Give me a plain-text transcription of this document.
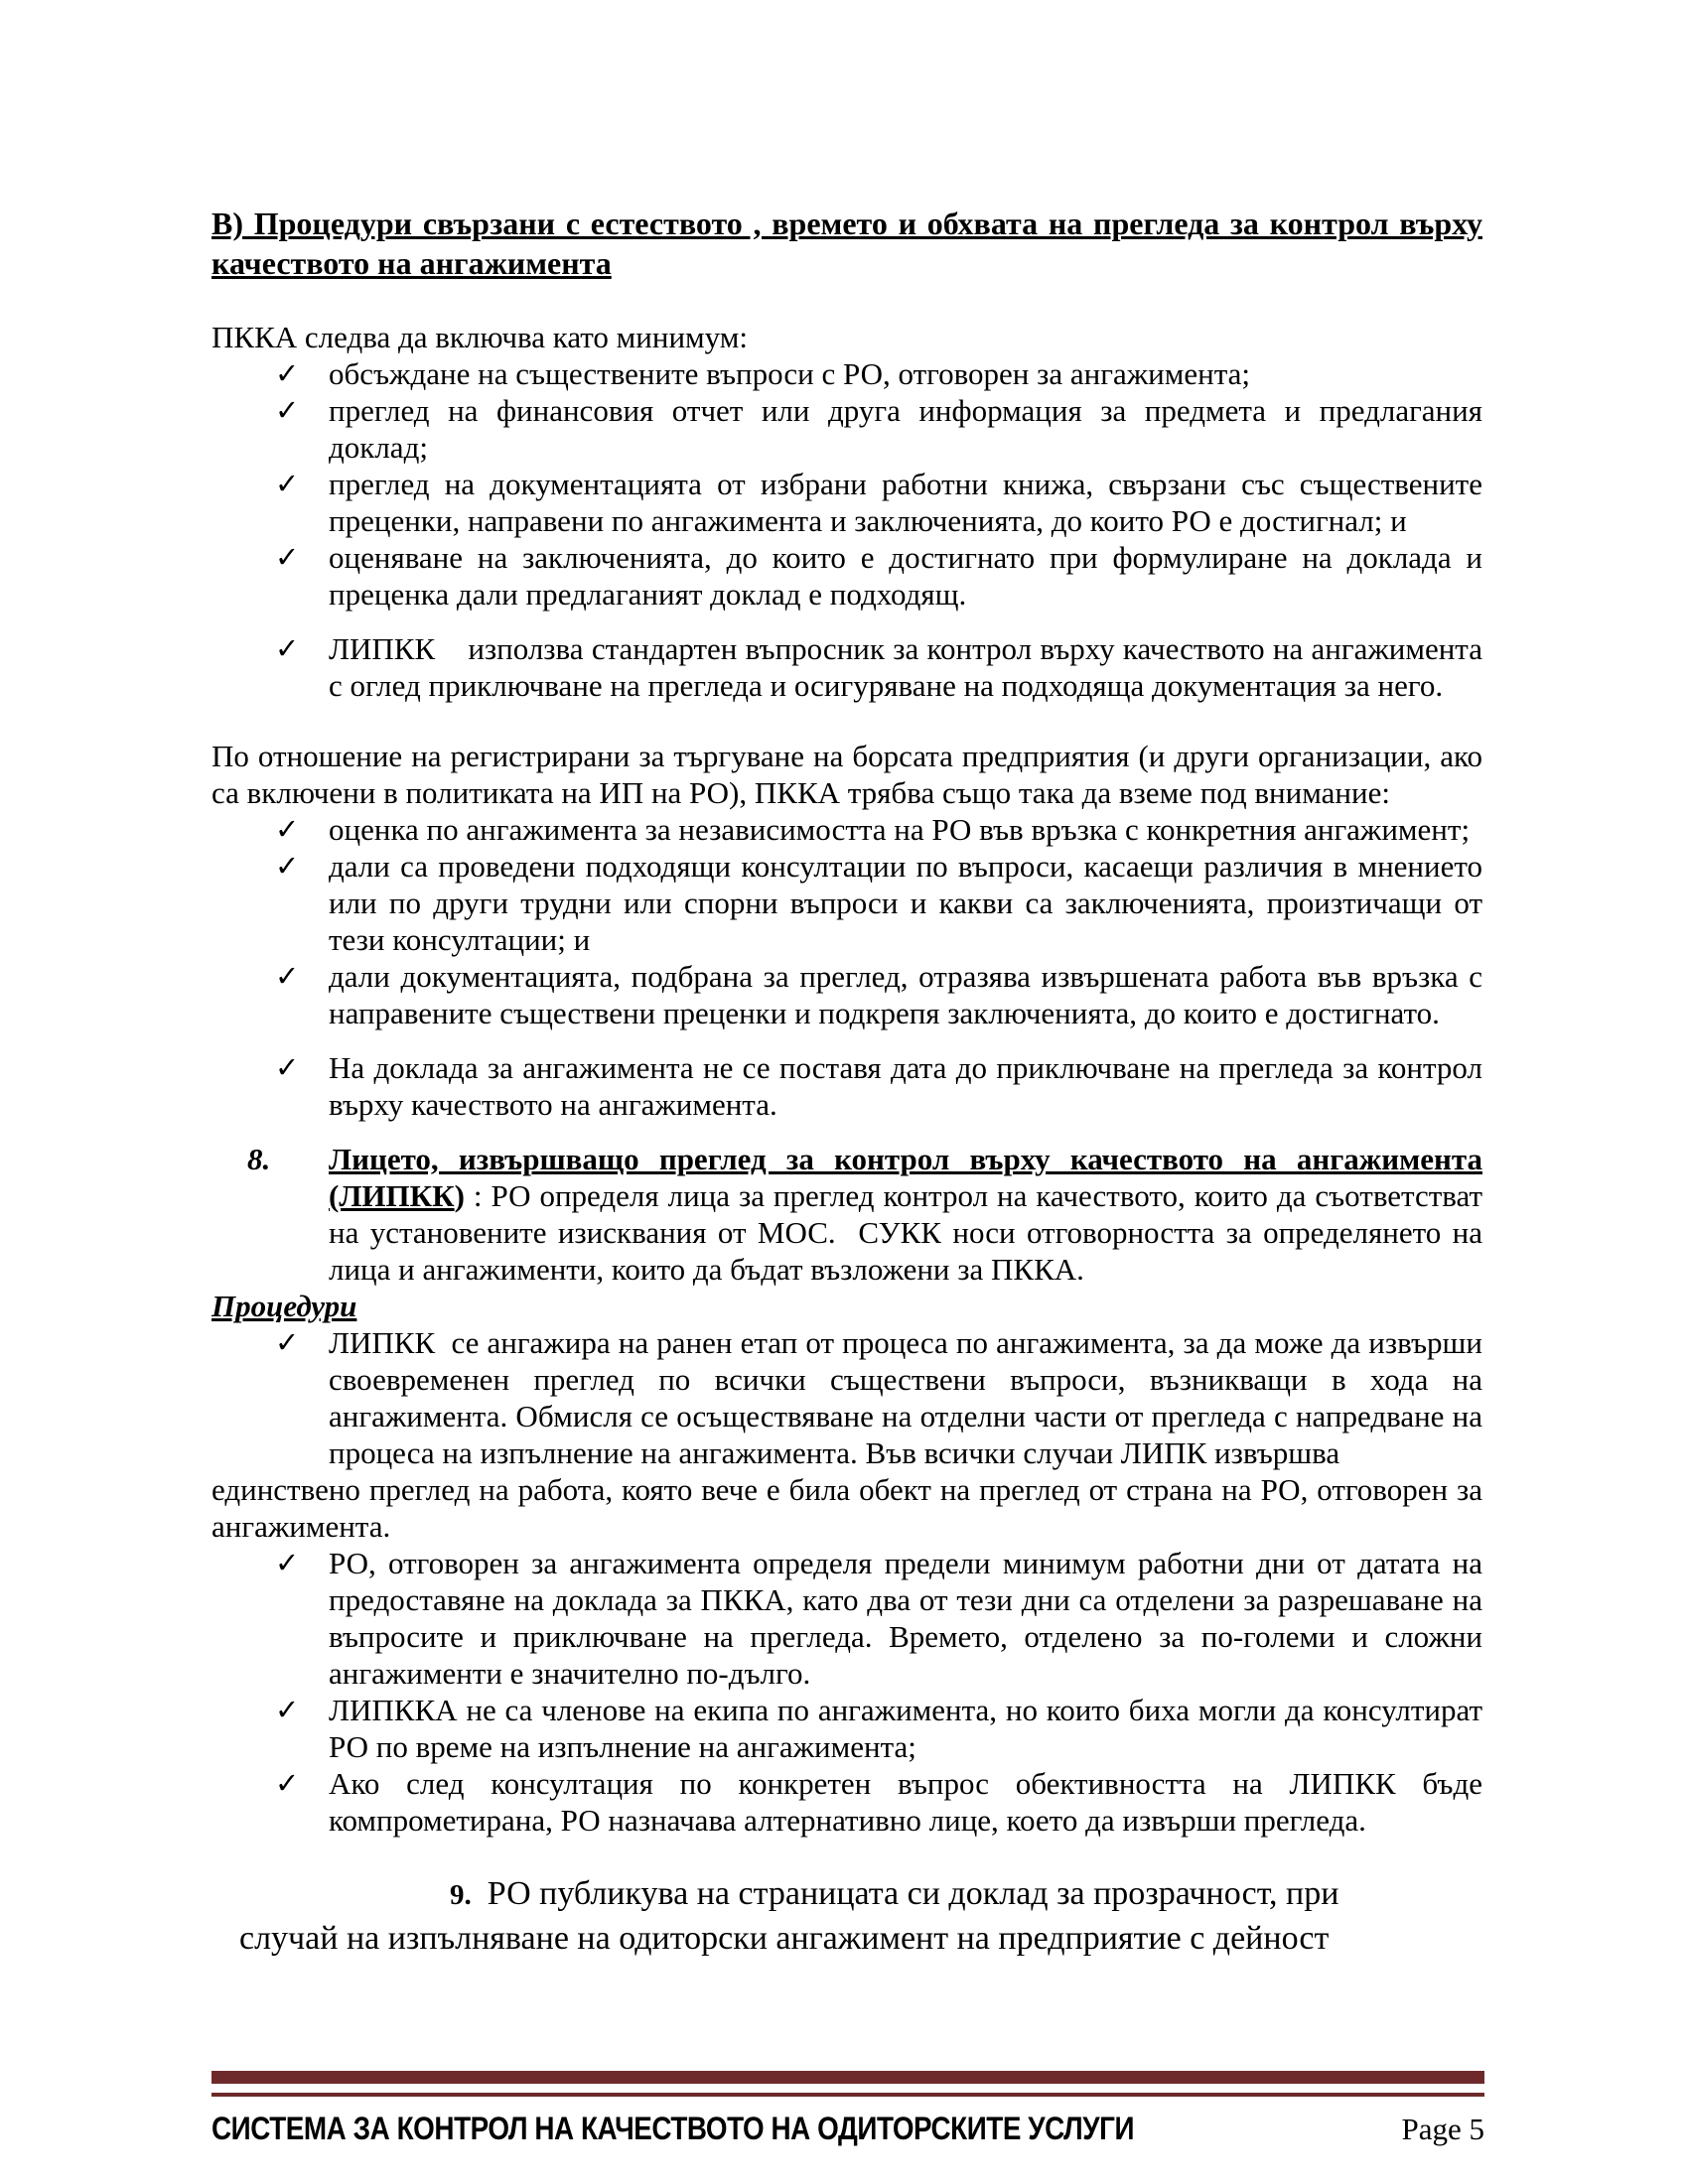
В) Процедури свързани с естеството , времето и обхвата на прегледа за контрол върху качеството на ангажимента

ПККА следва да включва като минимум:

✓ обсъждане на съществените въпроси с РО, отговорен за ангажимента;
✓ преглед на финансовия отчет или друга информация за предмета и предлагания доклад;
✓ преглед на документацията от избрани работни книжа, свързани със съществените преценки, направени по ангажимента и заключенията, до които РО е достигнал; и
✓ оценяване на заключенията, до които е достигнато при формулиране на доклада и преценка дали предлаганият доклад е подходящ.
✓ ЛИПКК    използва стандартен въпросник за контрол върху качеството на ангажимента с оглед приключване на прегледа и осигуряване на подходяща документация за него.

По отношение на регистрирани за търгуване на борсата предприятия (и други организации, ако са включени в политиката на ИП на РО), ПККА трябва също така да вземе под внимание:

✓ оценка по ангажимента за независимостта на РО във връзка с конкретния ангажимент;
✓ дали са проведени подходящи консултации по въпроси, касаещи различия в мнението или по други трудни или спорни въпроси и какви са заключенията, произтичащи от тези консултации; и
✓ дали документацията, подбрана за преглед, отразява извършената работа във връзка с направените съществени преценки и подкрепя заключенията, до които е достигнато.
✓ На доклада за ангажимента не се поставя дата до приключване на прегледа за контрол върху качеството на ангажимента.

8. Лицето, извършващо преглед за контрол върху качеството на ангажимента (ЛИПКК) : РО определя лица за преглед контрол на качеството, които да съответстват на установените изисквания от МОС.  СУКК носи отговорността за определянето на лица и ангажименти, които да бъдат възложени за ПККА.

Процедури

✓ ЛИПКК  се ангажира на ранен етап от процеса по ангажимента, за да може да извърши своевременен преглед по всички съществени въпроси, възникващи в хода на ангажимента. Обмисля се осъществяване на отделни части от прегледа с напредване на процеса на изпълнение на ангажимента. Във всички случаи ЛИПК извършва

единствено преглед на работа, която вече е била обект на преглед от страна на РО, отговорен за ангажимента.

✓ РО, отговорен за ангажимента определя предели минимум работни дни от датата на предоставяне на доклада за ПККА, като два от тези дни са отделени за разрешаване на въпросите и приключване на прегледа. Времето, отделено за по-големи и сложни ангажименти е значително по-дълго.
✓ ЛИПККА не са членове на екипа по ангажимента, но които биха могли да консултират РО по време на изпълнение на ангажимента;
✓ Ако след консултация по конкретен въпрос обективността на ЛИПКК бъде компрометирана, РО назначава алтернативно лице, което да извърши прегледа.

9. РО публикува на страницата си доклад за прозрачност, при
случай на изпълняване на одиторски ангажимент на предприятие с дейност

СИСТЕМА ЗА КОНТРОЛ НА КАЧЕСТВОТО НА ОДИТОРСКИТЕ УСЛУГИ	Page 5
